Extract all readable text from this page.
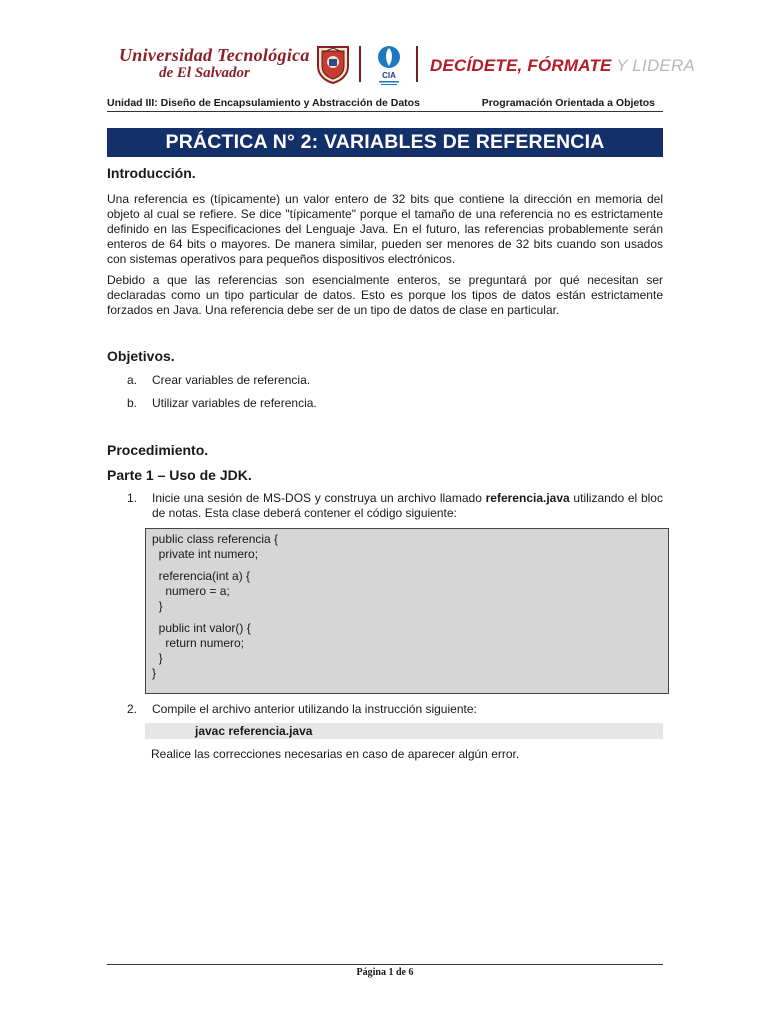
Universidad Tecnológica
de El Salvador	CIA
DECÍDETE, FÓRMATE Y LIDERA
Unidad III: Diseño de Encapsulamiento y Abstracción de Datos	Programación Orientada a Objetos
PRÁCTICA N° 2: VARIABLES DE REFERENCIA
Introducción.

Una referencia es (típicamente) un valor entero de 32 bits que contiene la dirección en memoria del objeto al cual se refiere. Se dice "típicamente" porque el tamaño de una referencia no es estrictamente definido en las Especificaciones del Lenguaje Java. En el futuro, las referencias probablemente serán enteros de 64 bits o mayores. De manera similar, pueden ser menores de 32 bits cuando son usados con sistemas operativos para pequeños dispositivos electrónicos.

Debido a que las referencias son esencialmente enteros, se preguntará por qué necesitan ser declaradas como un tipo particular de datos. Esto es porque los tipos de datos están estrictamente forzados en Java. Una referencia debe ser de un tipo de datos de clase en particular.

Objetivos.
a. Crear variables de referencia.
b. Utilizar variables de referencia.
Procedimiento.
Parte 1 – Uso de JDK.
1. Inicie una sesión de MS-DOS y construya un archivo llamado referencia.java utilizando el bloc de notas. Esta clase deberá contener el código siguiente:
public class referencia {
private int numero;
referencia(int a) {
numero = a;
}
public int valor() {
return numero;
}
}
2. Compile el archivo anterior utilizando la instrucción siguiente:
javac referencia.java
Realice las correcciones necesarias en caso de aparecer algún error.
Página 1 de 6
